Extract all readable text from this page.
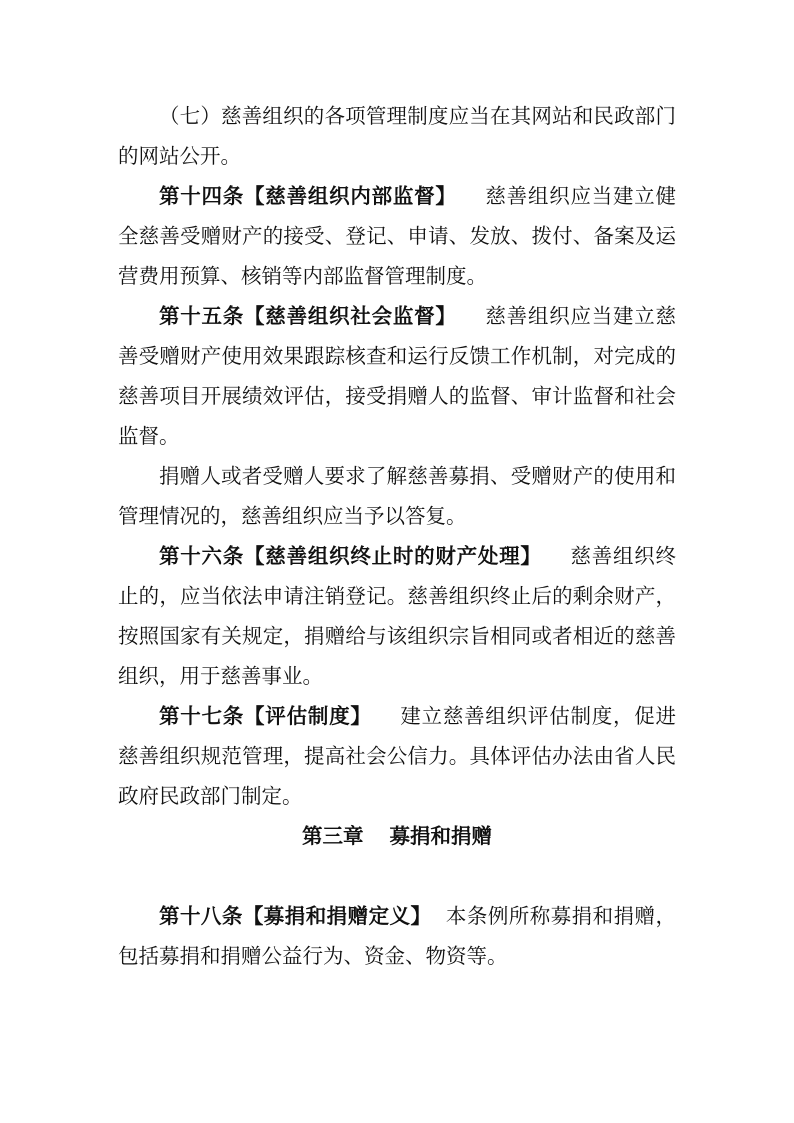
（七）慈善组织的各项管理制度应当在其网站和民政部门的网站公开。

第十四条【慈善组织内部监督】 慈善组织应当建立健全慈善受赠财产的接受、登记、申请、发放、拨付、备案及运营费用预算、核销等内部监督管理制度。

第十五条【慈善组织社会监督】 慈善组织应当建立慈善受赠财产使用效果跟踪核查和运行反馈工作机制，对完成的慈善项目开展绩效评估，接受捐赠人的监督、审计监督和社会监督。

捐赠人或者受赠人要求了解慈善募捐、受赠财产的使用和管理情况的，慈善组织应当予以答复。

第十六条【慈善组织终止时的财产处理】 慈善组织终止的，应当依法申请注销登记。慈善组织终止后的剩余财产，按照国家有关规定，捐赠给与该组织宗旨相同或者相近的慈善组织，用于慈善事业。

第十七条【评估制度】 建立慈善组织评估制度，促进慈善组织规范管理，提高社会公信力。具体评估办法由省人民政府民政部门制定。

第三章 募捐和捐赠

第十八条【募捐和捐赠定义】 本条例所称募捐和捐赠，包括募捐和捐赠公益行为、资金、物资等。
